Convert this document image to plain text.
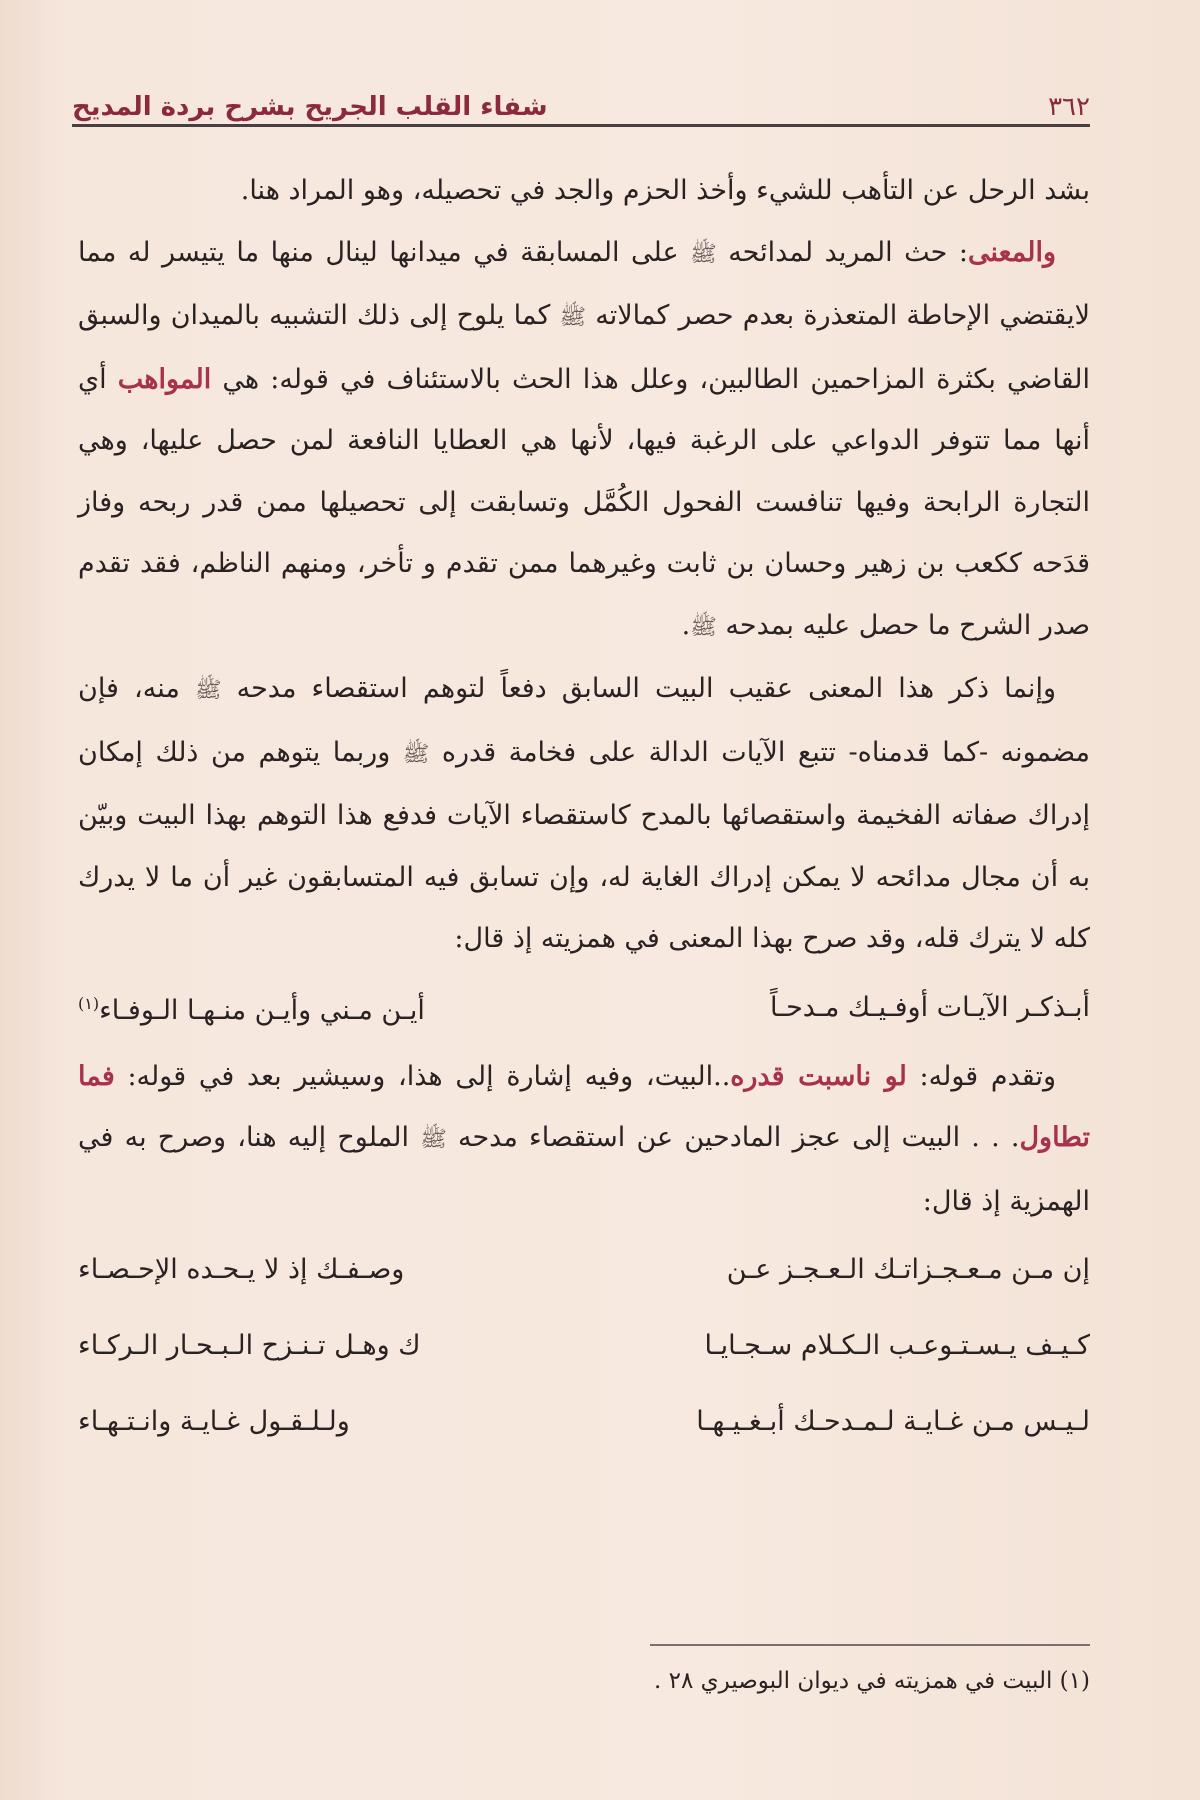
٣٦٢
شفاء القلب الجريح بشرح بردة المديح

بشد الرحل عن التأهب للشيء وأخذ الحزم والجد في تحصيله، وهو المراد هنا.

والمعنى: حث المريد لمدائحه ﷺ على المسابقة في ميدانها لينال منها ما يتيسر له مما لايقتضي الإحاطة المتعذرة بعدم حصر كمالاته ﷺ كما يلوح إلى ذلك التشبيه بالميدان والسبق القاضي بكثرة المزاحمين الطالبين، وعلل هذا الحث بالاستئناف في قوله: هي المواهب أي أنها مما تتوفر الدواعي على الرغبة فيها، لأنها هي العطايا النافعة لمن حصل عليها، وهي التجارة الرابحة وفيها تنافست الفحول الكُمَّل وتسابقت إلى تحصيلها ممن قدر ربحه وفاز قدَحه ككعب بن زهير وحسان بن ثابت وغيرهما ممن تقدم و تأخر، ومنهم الناظم، فقد تقدم صدر الشرح ما حصل عليه بمدحه ﷺ.

وإنما ذكر هذا المعنى عقيب البيت السابق دفعاً لتوهم استقصاء مدحه ﷺ منه، فإن مضمونه -كما قدمناه- تتبع الآيات الدالة على فخامة قدره ﷺ وربما يتوهم من ذلك إمكان إدراك صفاته الفخيمة واستقصائها بالمدح كاستقصاء الآيات فدفع هذا التوهم بهذا البيت وبيّن به أن مجال مدائحه لا يمكن إدراك الغاية له، وإن تسابق فيه المتسابقون غير أن ما لا يدرك كله لا يترك قله، وقد صرح بهذا المعنى في همزيته إذ قال:

أبـذكـر الآيـات أوفـيـك مـدحـاً
أيـن مـني وأيـن منـهـا الـوفـاء$^{(١)}$

وتقدم قوله: لو ناسبت قدره..البيت، وفيه إشارة إلى هذا، وسيشير بعد في قوله: فما تطاول. . . البيت إلى عجز المادحين عن استقصاء مدحه ﷺ الملوح إليه هنا، وصرح به في الهمزية إذ قال:

إن مـن مـعـجـزاتـك الـعـجـز عـن
وصـفـك إذ لا يـحـده الإحـصـاء
كـيـف يـسـتـوعـب الـكـلام سـجـايـا
ك وهـل تـنـزح الـبـحـار الـركـاء
لـيـس مـن غـايـة لـمـدحـك أبـغـيـهـا
ولـلـقـول غـايـة وانـتـهـاء
(١) البيت في همزيته في ديوان البوصيري ٢٨ .
